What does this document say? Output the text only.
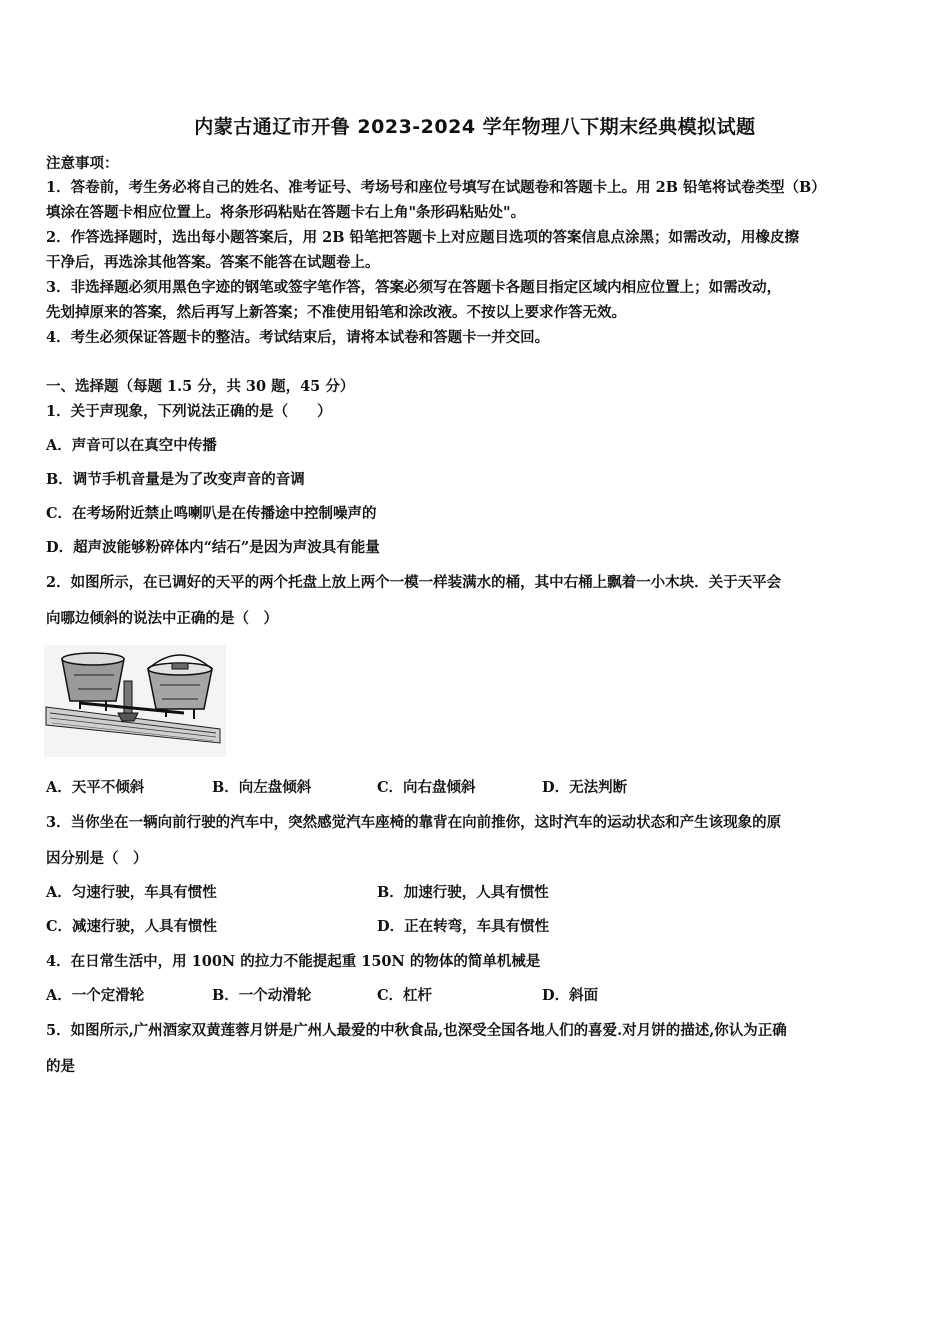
内蒙古通辽市开鲁 2023-2024 学年物理八下期末经典模拟试题
注意事项：
1．答卷前，考生务必将自己的姓名、准考证号、考场号和座位号填写在试题卷和答题卡上。用 2B 铅笔将试卷类型（B）
填涂在答题卡相应位置上。将条形码粘贴在答题卡右上角"条形码粘贴处"。
2．作答选择题时，选出每小题答案后，用 2B 铅笔把答题卡上对应题目选项的答案信息点涂黑；如需改动，用橡皮擦
干净后，再选涂其他答案。答案不能答在试题卷上。
3．非选择题必须用黑色字迹的钢笔或签字笔作答，答案必须写在答题卡各题目指定区域内相应位置上；如需改动，
先划掉原来的答案，然后再写上新答案；不准使用铅笔和涂改液。不按以上要求作答无效。
4．考生必须保证答题卡的整洁。考试结束后，请将本试卷和答题卡一并交回。
一、选择题（每题 1.5 分，共 30 题，45 分）
1．关于声现象，下列说法正确的是（　　）
A．声音可以在真空中传播
B．调节手机音量是为了改变声音的音调
C．在考场附近禁止鸣喇叭是在传播途中控制噪声的
D．超声波能够粉碎体内“结石”是因为声波具有能量
2．如图所示，在已调好的天平的两个托盘上放上两个一模一样装满水的桶，其中右桶上飘着一小木块．关于天平会
向哪边倾斜的说法中正确的是（　）
A．天平不倾斜	B．向左盘倾斜	C．向右盘倾斜	D．无法判断
3．当你坐在一辆向前行驶的汽车中，突然感觉汽车座椅的靠背在向前推你，这时汽车的运动状态和产生该现象的原
因分别是（　）
A．匀速行驶，车具有惯性	B．加速行驶，人具有惯性
C．减速行驶，人具有惯性	D．正在转弯，车具有惯性
4．在日常生活中，用 100N 的拉力不能提起重 150N 的物体的简单机械是
A．一个定滑轮	B．一个动滑轮	C．杠杆	D．斜面
5．如图所示,广州酒家双黄莲蓉月饼是广州人最爱的中秋食品,也深受全国各地人们的喜爱.对月饼的描述,你认为正确
的是
